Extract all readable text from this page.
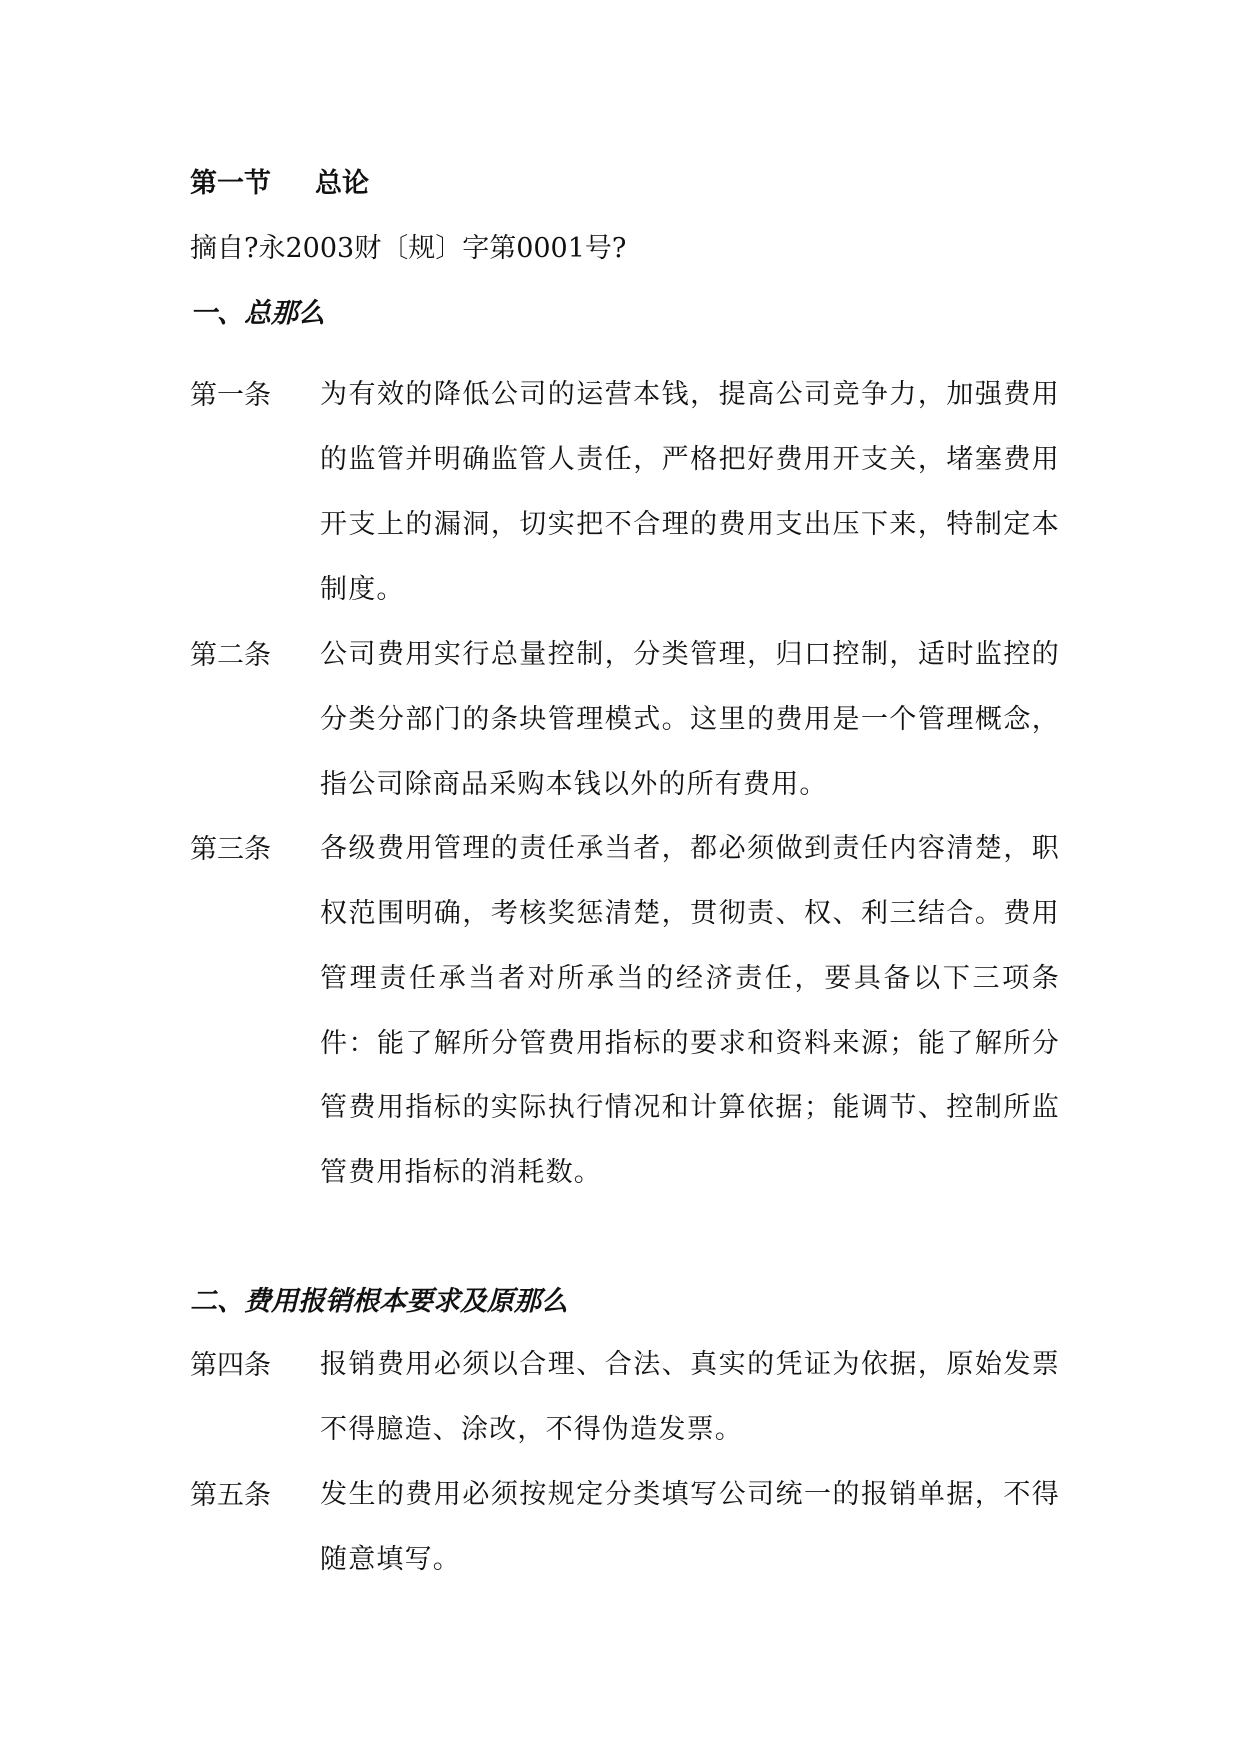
第一节 总论
摘自?永2003财〔规〕字第0001号?
一、总那么
第一条 为有效的降低公司的运营本钱，提高公司竞争力，加强费用的监管并明确监管人责任，严格把好费用开支关，堵塞费用开支上的漏洞，切实把不合理的费用支出压下来，特制定本制度。
第二条 公司费用实行总量控制，分类管理，归口控制，适时监控的分类分部门的条块管理模式。这里的费用是一个管理概念，指公司除商品采购本钱以外的所有费用。
第三条 各级费用管理的责任承当者，都必须做到责任内容清楚，职权范围明确，考核奖惩清楚，贯彻责、权、利三结合。费用管理责任承当者对所承当的经济责任，要具备以下三项条件：能了解所分管费用指标的要求和资料来源；能了解所分管费用指标的实际执行情况和计算依据；能调节、控制所监管费用指标的消耗数。
二、费用报销根本要求及原那么
第四条 报销费用必须以合理、合法、真实的凭证为依据，原始发票不得臆造、涂改，不得伪造发票。
第五条 发生的费用必须按规定分类填写公司统一的报销单据，不得随意填写。
